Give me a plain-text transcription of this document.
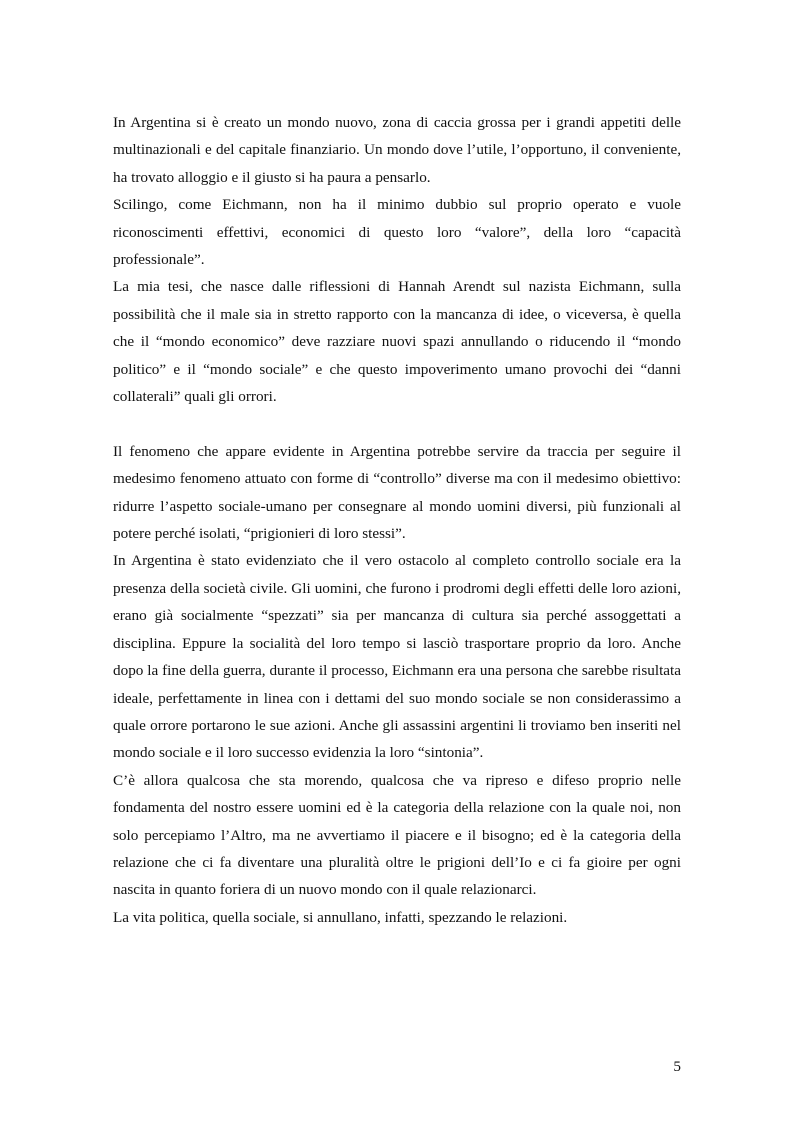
In Argentina si è creato un mondo nuovo, zona di caccia grossa per i grandi appetiti delle multinazionali e del capitale finanziario. Un mondo dove l’utile, l’opportuno, il conveniente, ha trovato alloggio e il giusto si ha paura a pensarlo.

Scilingo, come Eichmann, non ha il minimo dubbio sul proprio operato e vuole riconoscimenti effettivi, economici di questo loro “valore”, della loro “capacità professionale”.

La mia tesi, che nasce dalle riflessioni di Hannah Arendt sul nazista Eichmann, sulla possibilità che il male sia in stretto rapporto con la mancanza di idee, o viceversa, è quella che il “mondo economico” deve razziare nuovi spazi annullando o riducendo il “mondo politico” e il “mondo sociale” e che questo impoverimento umano provochi dei “danni collaterali” quali gli orrori.

Il fenomeno che appare evidente in Argentina potrebbe servire da traccia per seguire il medesimo fenomeno attuato con forme di “controllo” diverse ma con il medesimo obiettivo: ridurre l’aspetto sociale-umano per consegnare al mondo uomini diversi, più funzionali al potere perché isolati, “prigionieri di loro stessi”.

In Argentina è stato evidenziato che il vero ostacolo al completo controllo sociale era la presenza della società civile. Gli uomini, che furono i prodromi degli effetti delle loro azioni, erano già socialmente “spezzati” sia per mancanza di cultura sia perché assoggettati a disciplina. Eppure la socialità del loro tempo si lasciò trasportare proprio da loro. Anche dopo la fine della guerra, durante il processo, Eichmann era una persona che sarebbe risultata ideale, perfettamente in linea con i dettami del suo mondo sociale se non considerassimo a quale orrore portarono le sue azioni. Anche gli assassini argentini li troviamo ben inseriti nel mondo sociale e il loro successo evidenzia la loro “sintonia”.

C’è allora qualcosa che sta morendo, qualcosa che va ripreso e difeso proprio nelle fondamenta del nostro essere uomini ed è la categoria della relazione con la quale noi, non solo percepiamo l’Altro, ma ne avvertiamo il piacere e il bisogno; ed è la categoria della relazione che ci fa diventare una pluralità oltre le prigioni dell’Io e ci fa gioire per ogni nascita in quanto foriera di un nuovo mondo con il quale relazionarci.

La vita politica, quella sociale, si annullano, infatti, spezzando le relazioni.

5
